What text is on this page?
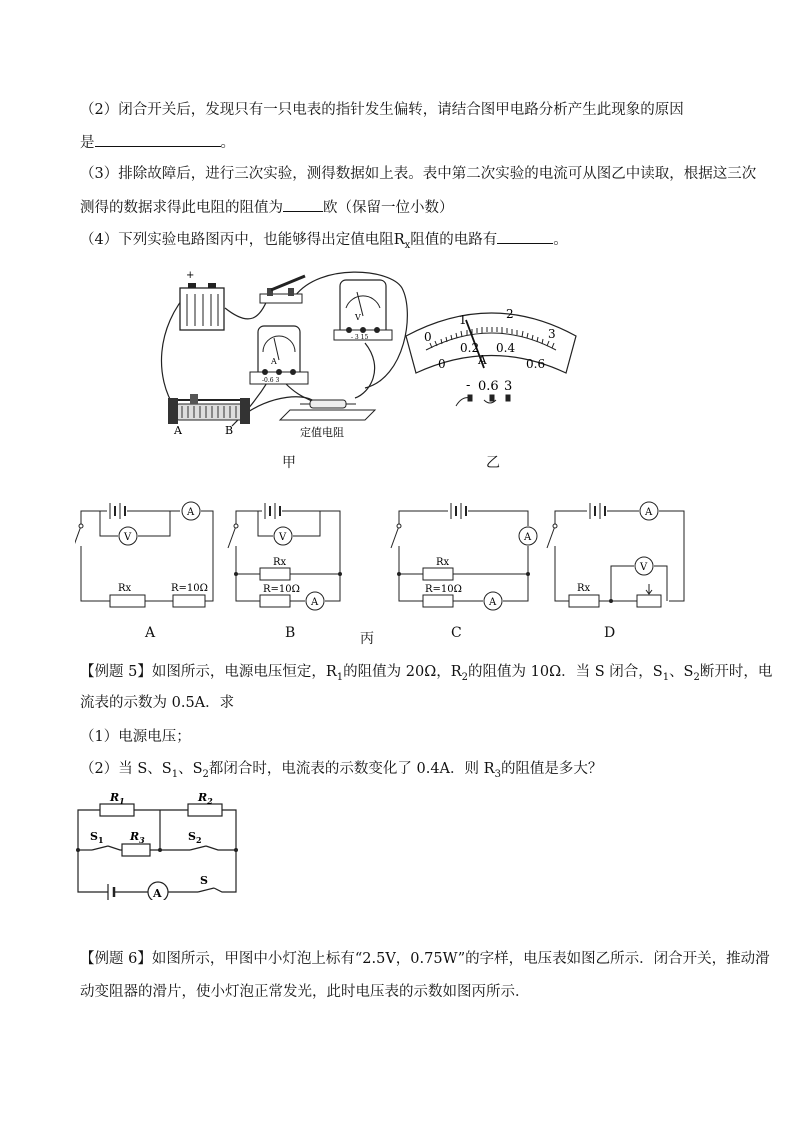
（2）闭合开关后，发现只有一只电表的指针发生偏转，请结合图甲电路分析产生此现象的原因
是	。
（3）排除故障后，进行三次实验，测得数据如上表。表中第二次实验的电流可从图乙中读取，根据这三次
测得的数据求得此电阻的阻值为	欧（保留一位小数）
（4）下列实验电路图丙中，也能够得出定值电阻$R_x$阻值的电路有	。
+
V
- 3 15
A
-0.6 3
A	B	定值电阻
甲
0
1	2
3
0
0.2 0.4
0.6
A
- 0.6 3
乙
A
V
Rx	R=10Ω
V
A
Rx
R=10Ω
A
A
Rx
R=10Ω
A
V
Rx
A	B	丙	C	D
【例题 5】如图所示，电源电压恒定，$R_1$的阻值为 20Ω，$R_2$的阻值为 10Ω．当 S 闭合，$S_1$、$S_2$断开时，电
流表的示数为 0.5A．求
（1）电源电压；
（2）当 S、$S_1$、$S_2$都闭合时，电流表的示数变化了 0.4A．则 $R_3$的阻值是多大？
A
$R_1$	$R_2$
$R_3$
$S_1$	$S_2$
S
【例题 6】如图所示，甲图中小灯泡上标有“2.5V，0.75W”的字样，电压表如图乙所示．闭合开关，推动滑
动变阻器的滑片，使小灯泡正常发光，此时电压表的示数如图丙所示．
